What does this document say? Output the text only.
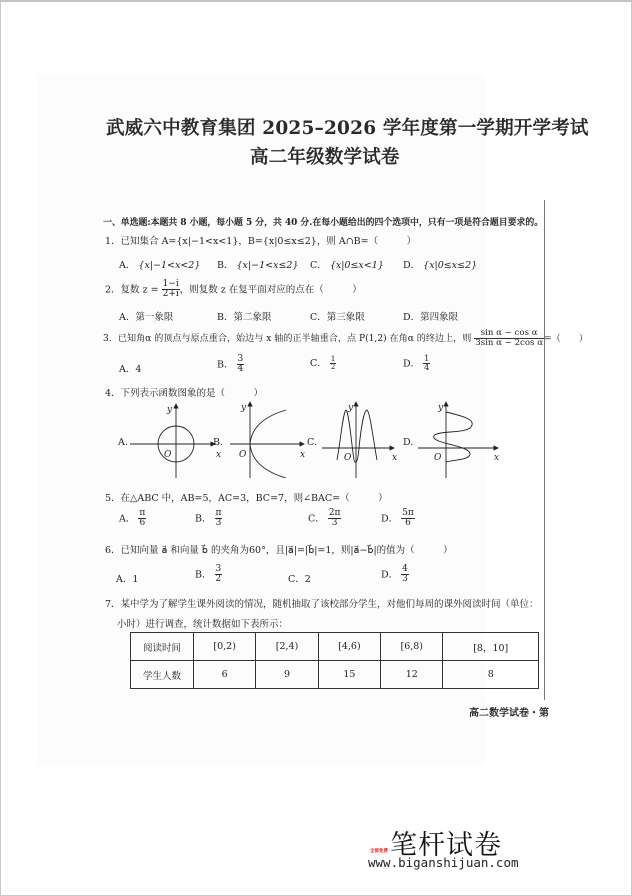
武威六中教育集团 2025–2026 学年度第一学期开学考试
高二年级数学试卷
一、单选题:本题共 8 小题，每小题 5 分，共 40 分.在每小题给出的四个选项中，只有一项是符合题目要求的。
1．已知集合 A={x|−1<x<1}，B={x|0≤x≤2}，则 A∩B=（　　　）
A． {x|−1<x<2} B． {x|−1<x≤2} C． {x|0≤x<1} D． {x|0≤x≤2}
2．复数 $z = \frac{1-i}{2+i}$ ，则复数 z 在复平面对应的点在（　　　）
A．第一象限	B．第二象限	C．第三象限	D．第四象限
3．已知角α 的顶点与原点重合，始边与 x 轴的正半轴重合，点 P(1,2) 在角α 的终边上，则 $\frac{\text{sin α − cos α}}{\text{3sin α − 2cos α}}$ =（　　）
A．4	B． $\frac{3}{4}$	C． $\frac{1}{2}$	D． $\frac{1}{4}$
4．下列表示函数图象的是（　　　）
A.	B.	C.	D.
y
O	x
y
O	x
y
O	x
y
O	x
5．在△ABC 中，AB=5，AC=3，BC=7，则∠BAC=（　　　）
A． $\frac{\pi}{6}$	B． $\frac{\pi}{3}$	C． $\frac{2\pi}{3}$	D． $\frac{5\pi}{6}$
6．已知向量 a⃗ 和向量 b⃗ 的夹角为60°，且|a⃗|=|b⃗|=1，则|a⃗−b⃗|的值为（　　　）
A．1	B． $\frac{3}{2}$	C．2	D． $\frac{4}{3}$
7．某中学为了解学生课外阅读的情况，随机抽取了该校部分学生，对他们每周的课外阅读时间（单位：
小时）进行调查，统计数据如下表所示：
阅读时间	[0,2)	[2,4)	[4,6)	[6,8)	[8，10]
学生人数	6	9	15	12	8
高二数学试卷・第
笔杆试卷
全部免费
www.biganshijuan.com
